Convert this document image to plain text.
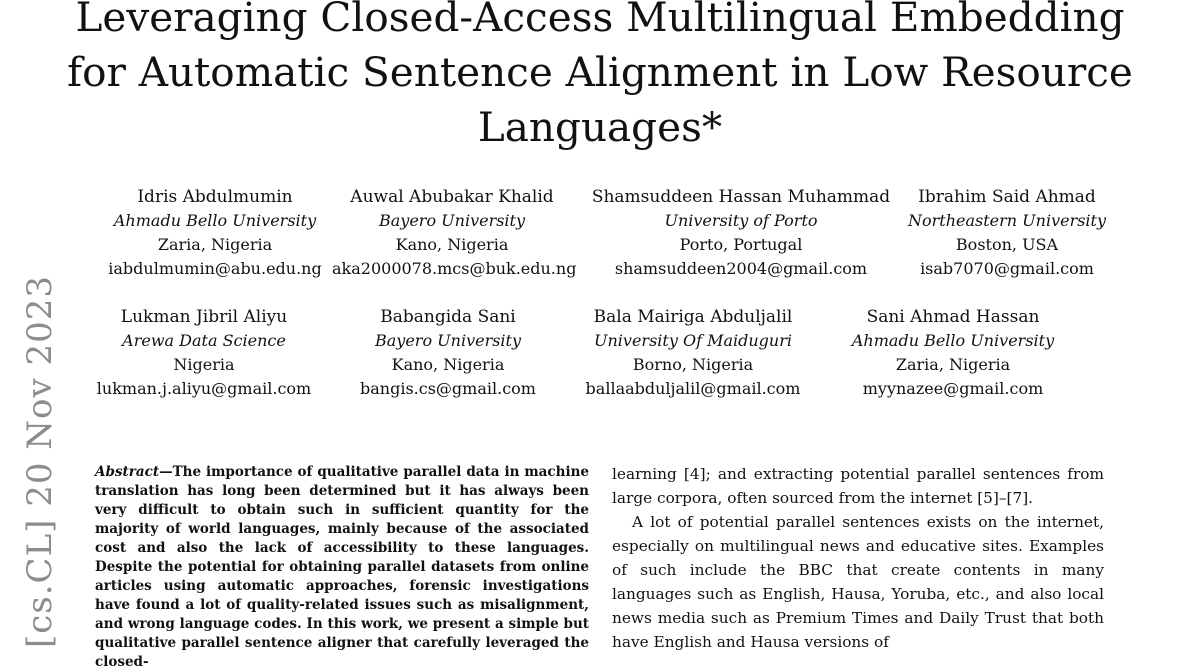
Leveraging Closed-Access Multilingual Embedding for Automatic Sentence Alignment in Low Resource Languages*
Idris Abdulmumin
Ahmadu Bello University
Zaria, Nigeria
iabdulmumin@abu.edu.ng
Auwal Abubakar Khalid
Bayero University
Kano, Nigeria
aka2000078.mcs@buk.edu.ng
Shamsuddeen Hassan Muhammad
University of Porto
Porto, Portugal
shamsuddeen2004@gmail.com
Ibrahim Said Ahmad
Northeastern University
Boston, USA
isab7070@gmail.com
Lukman Jibril Aliyu
Arewa Data Science
Nigeria
lukman.j.aliyu@gmail.com
Babangida Sani
Bayero University
Kano, Nigeria
bangis.cs@gmail.com
Bala Mairiga Abduljalil
University Of Maiduguri
Borno, Nigeria
ballaabduljalil@gmail.com
Sani Ahmad Hassan
Ahmadu Bello University
Zaria, Nigeria
myynazee@gmail.com
[cs.CL] 20 Nov 2023	Abstract—The importance of qualitative parallel data in machine translation has long been determined but it has always been very difficult to obtain such in sufficient quantity for the majority of world languages, mainly because of the associated cost and also the lack of accessibility to these languages. Despite the potential for obtaining parallel datasets from online articles using automatic approaches, forensic investigations have found a lot of quality-related issues such as misalignment, and wrong language codes. In this work, we present a simple but qualitative parallel sentence aligner that carefully leveraged the closed-

learning [4]; and extracting potential parallel sentences from large corpora, often sourced from the internet [5]–[7].

A lot of potential parallel sentences exists on the internet, especially on multilingual news and educative sites. Examples of such include the BBC that create contents in many languages such as English, Hausa, Yoruba, etc., and also local news media such as Premium Times and Daily Trust that both have English and Hausa versions of
